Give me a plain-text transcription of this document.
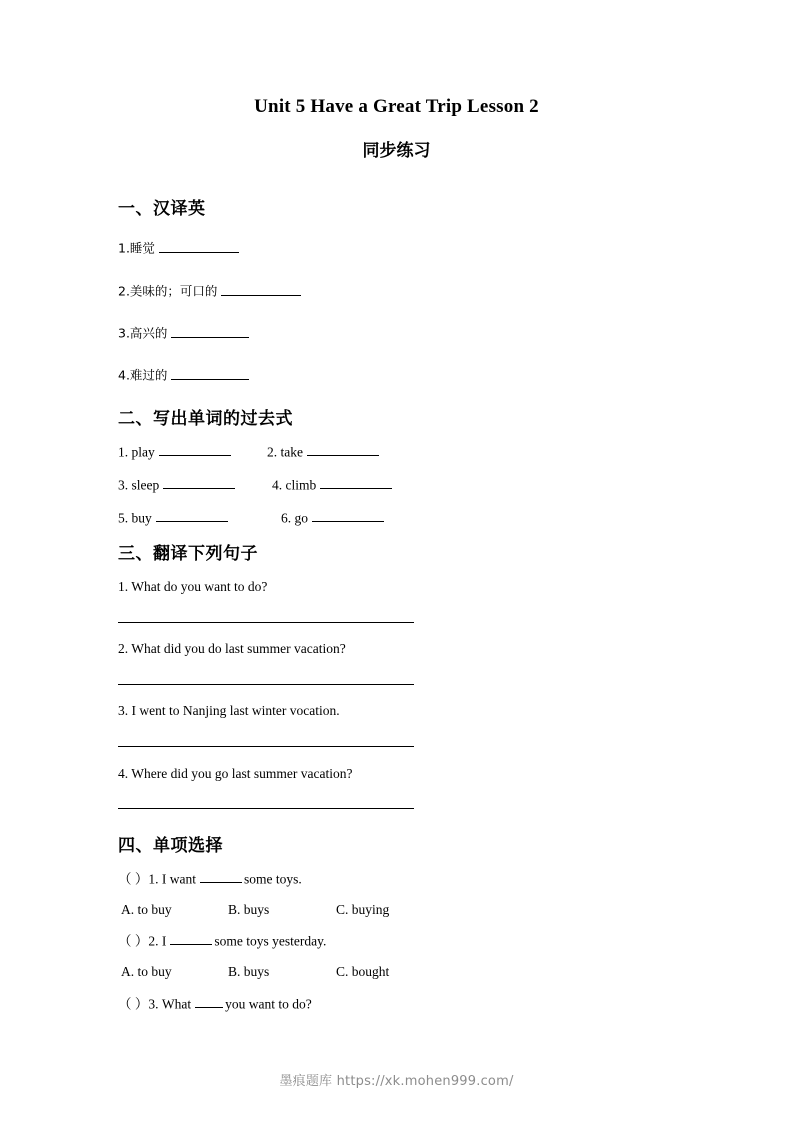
Unit 5 Have a Great Trip Lesson 2
同步练习
一、汉译英
1.睡觉
2.美味的；可口的
3.高兴的
4.难过的
二、写出单词的过去式
1. play	2. take
3. sleep	4. climb
5. buy	6. go
三、翻译下列句子
1. What do you want to do?
2. What did you do last summer vacation?
3. I went to Nanjing last winter vocation.
4. Where did you go last summer vacation?
四、单项选择
（ ）1. I want	some toys.
A. to buy	B. buys	C. buying
（ ）2. I	some toys yesterday.
A. to buy	B. buys	C. bought
（ ）3. What	you want to do?
墨痕题库 https://xk.mohen999.com/
